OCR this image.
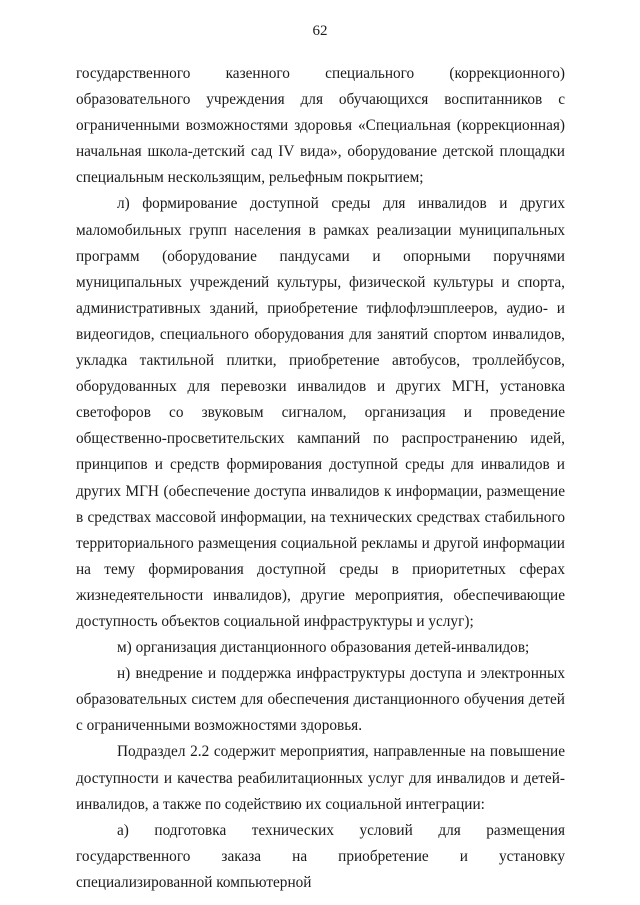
62

государственного казенного специального (коррекционного) образовательного учреждения для обучающихся воспитанников с ограниченными возможностями здоровья «Специальная (коррекционная) начальная школа-детский сад IV вида», оборудование детской площадки специальным нескользящим, рельефным покрытием;

л) формирование доступной среды для инвалидов и других маломобильных групп населения в рамках реализации муниципальных программ (оборудование пандусами и опорными поручнями муниципальных учреждений культуры, физической культуры и спорта, административных зданий, приобретение тифлофлэшплееров, аудио- и видеогидов, специального оборудования для занятий спортом инвалидов, укладка тактильной плитки, приобретение автобусов, троллейбусов, оборудованных для перевозки инвалидов и других МГН, установка светофоров со звуковым сигналом, организация и проведение общественно-просветительских кампаний по распространению идей, принципов и средств формирования доступной среды для инвалидов и других МГН (обеспечение доступа инвалидов к информации, размещение в средствах массовой информации, на технических средствах стабильного территориального размещения социальной рекламы и другой информации на тему формирования доступной среды в приоритетных сферах жизнедеятельности инвалидов), другие мероприятия, обеспечивающие доступность объектов социальной инфраструктуры и услуг);

м) организация дистанционного образования детей-инвалидов;

н) внедрение и поддержка инфраструктуры доступа и электронных образовательных систем для обеспечения дистанционного обучения детей с ограниченными возможностями здоровья.

Подраздел 2.2 содержит мероприятия, направленные на повышение доступности и качества реабилитационных услуг для инвалидов и детей-инвалидов, а также по содействию их социальной интеграции:

а) подготовка технических условий для размещения государственного заказа на приобретение и установку специализированной компьютерной
